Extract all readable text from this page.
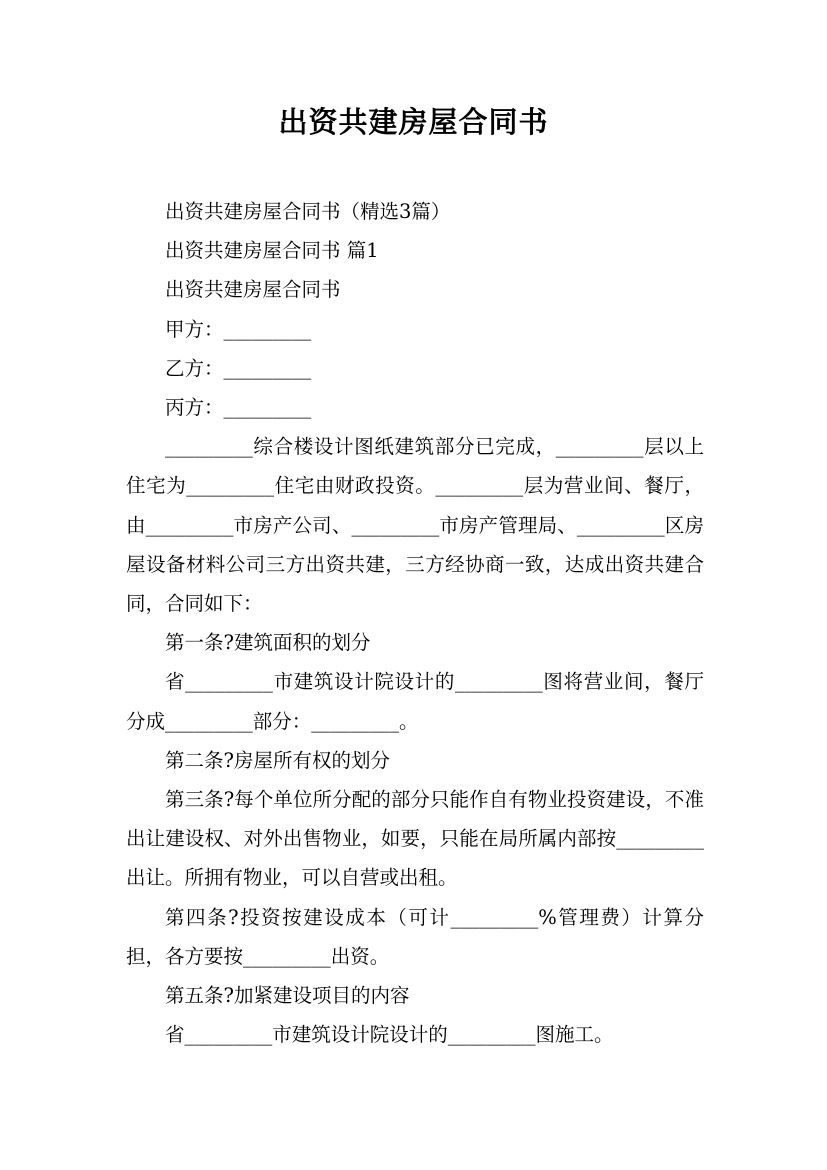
出资共建房屋合同书

出资共建房屋合同书（精选3篇）

出资共建房屋合同书 篇1

出资共建房屋合同书

甲方：_________

乙方：_________

丙方：_________

_________综合楼设计图纸建筑部分已完成，_________层以上住宅为_________住宅由财政投资。_________层为营业间、餐厅，由_________市房产公司、_________市房产管理局、_________区房屋设备材料公司三方出资共建，三方经协商一致，达成出资共建合同，合同如下：

第一条?建筑面积的划分

省_________市建筑设计院设计的_________图将营业间，餐厅分成_________部分：_________。

第二条?房屋所有权的划分

第三条?每个单位所分配的部分只能作自有物业投资建设，不准出让建设权、对外出售物业，如要，只能在局所属内部按_________出让。所拥有物业，可以自营或出租。

第四条?投资按建设成本（可计_________%管理费）计算分担，各方要按_________出资。

第五条?加紧建设项目的内容

省_________市建筑设计院设计的_________图施工。
